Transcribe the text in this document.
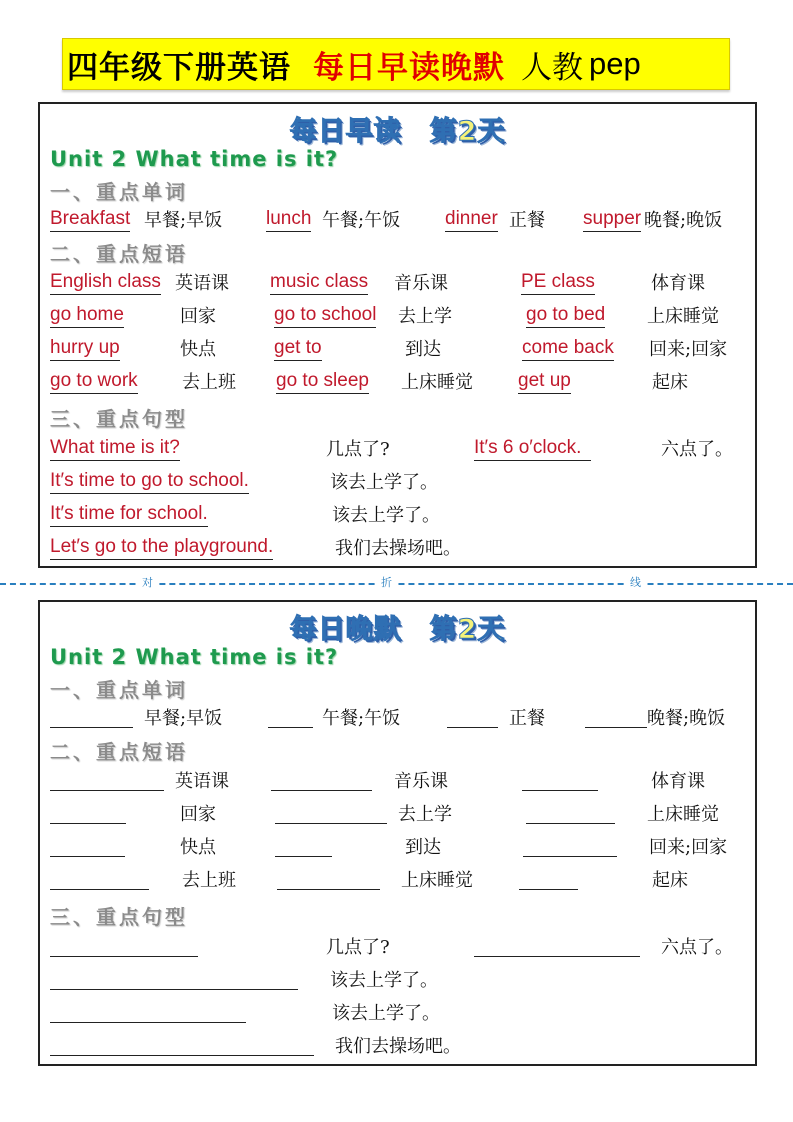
四年级下册英语 每日早读晚默 人教 pep
每日早读 第2天
Unit 2 What time is it?
一、重点单词
Breakfast 早餐;早饭 lunch 午餐;午饭 dinner 正餐 supper 晚餐;晚饭
二、重点短语
English class 英语课 music class 音乐课	PE class	体育课
go home	回家	go to school 去上学	go to bed 上床睡觉
hurry up	快点	get to	到达	come back 回来;回家
go to work 去上班 go to sleep 上床睡觉 get up	起床
三、重点句型
What time is it?	几点了?	It′s 6 o′clock.	六点了。
It′s time to go to school.	该去上学了。
It′s time for school.	该去上学了。
Let′s go to the playground.	我们去操场吧。
对	折	线
每日晚默 第2天
Unit 2 What time is it?
一、重点单词
早餐;早饭	午餐;午饭	正餐	晚餐;晚饭
二、重点短语
英语课	音乐课	体育课
回家	去上学	上床睡觉
快点	到达	回来;回家
去上班	上床睡觉	起床
三、重点句型
几点了?	六点了。
该去上学了。
该去上学了。
我们去操场吧。
